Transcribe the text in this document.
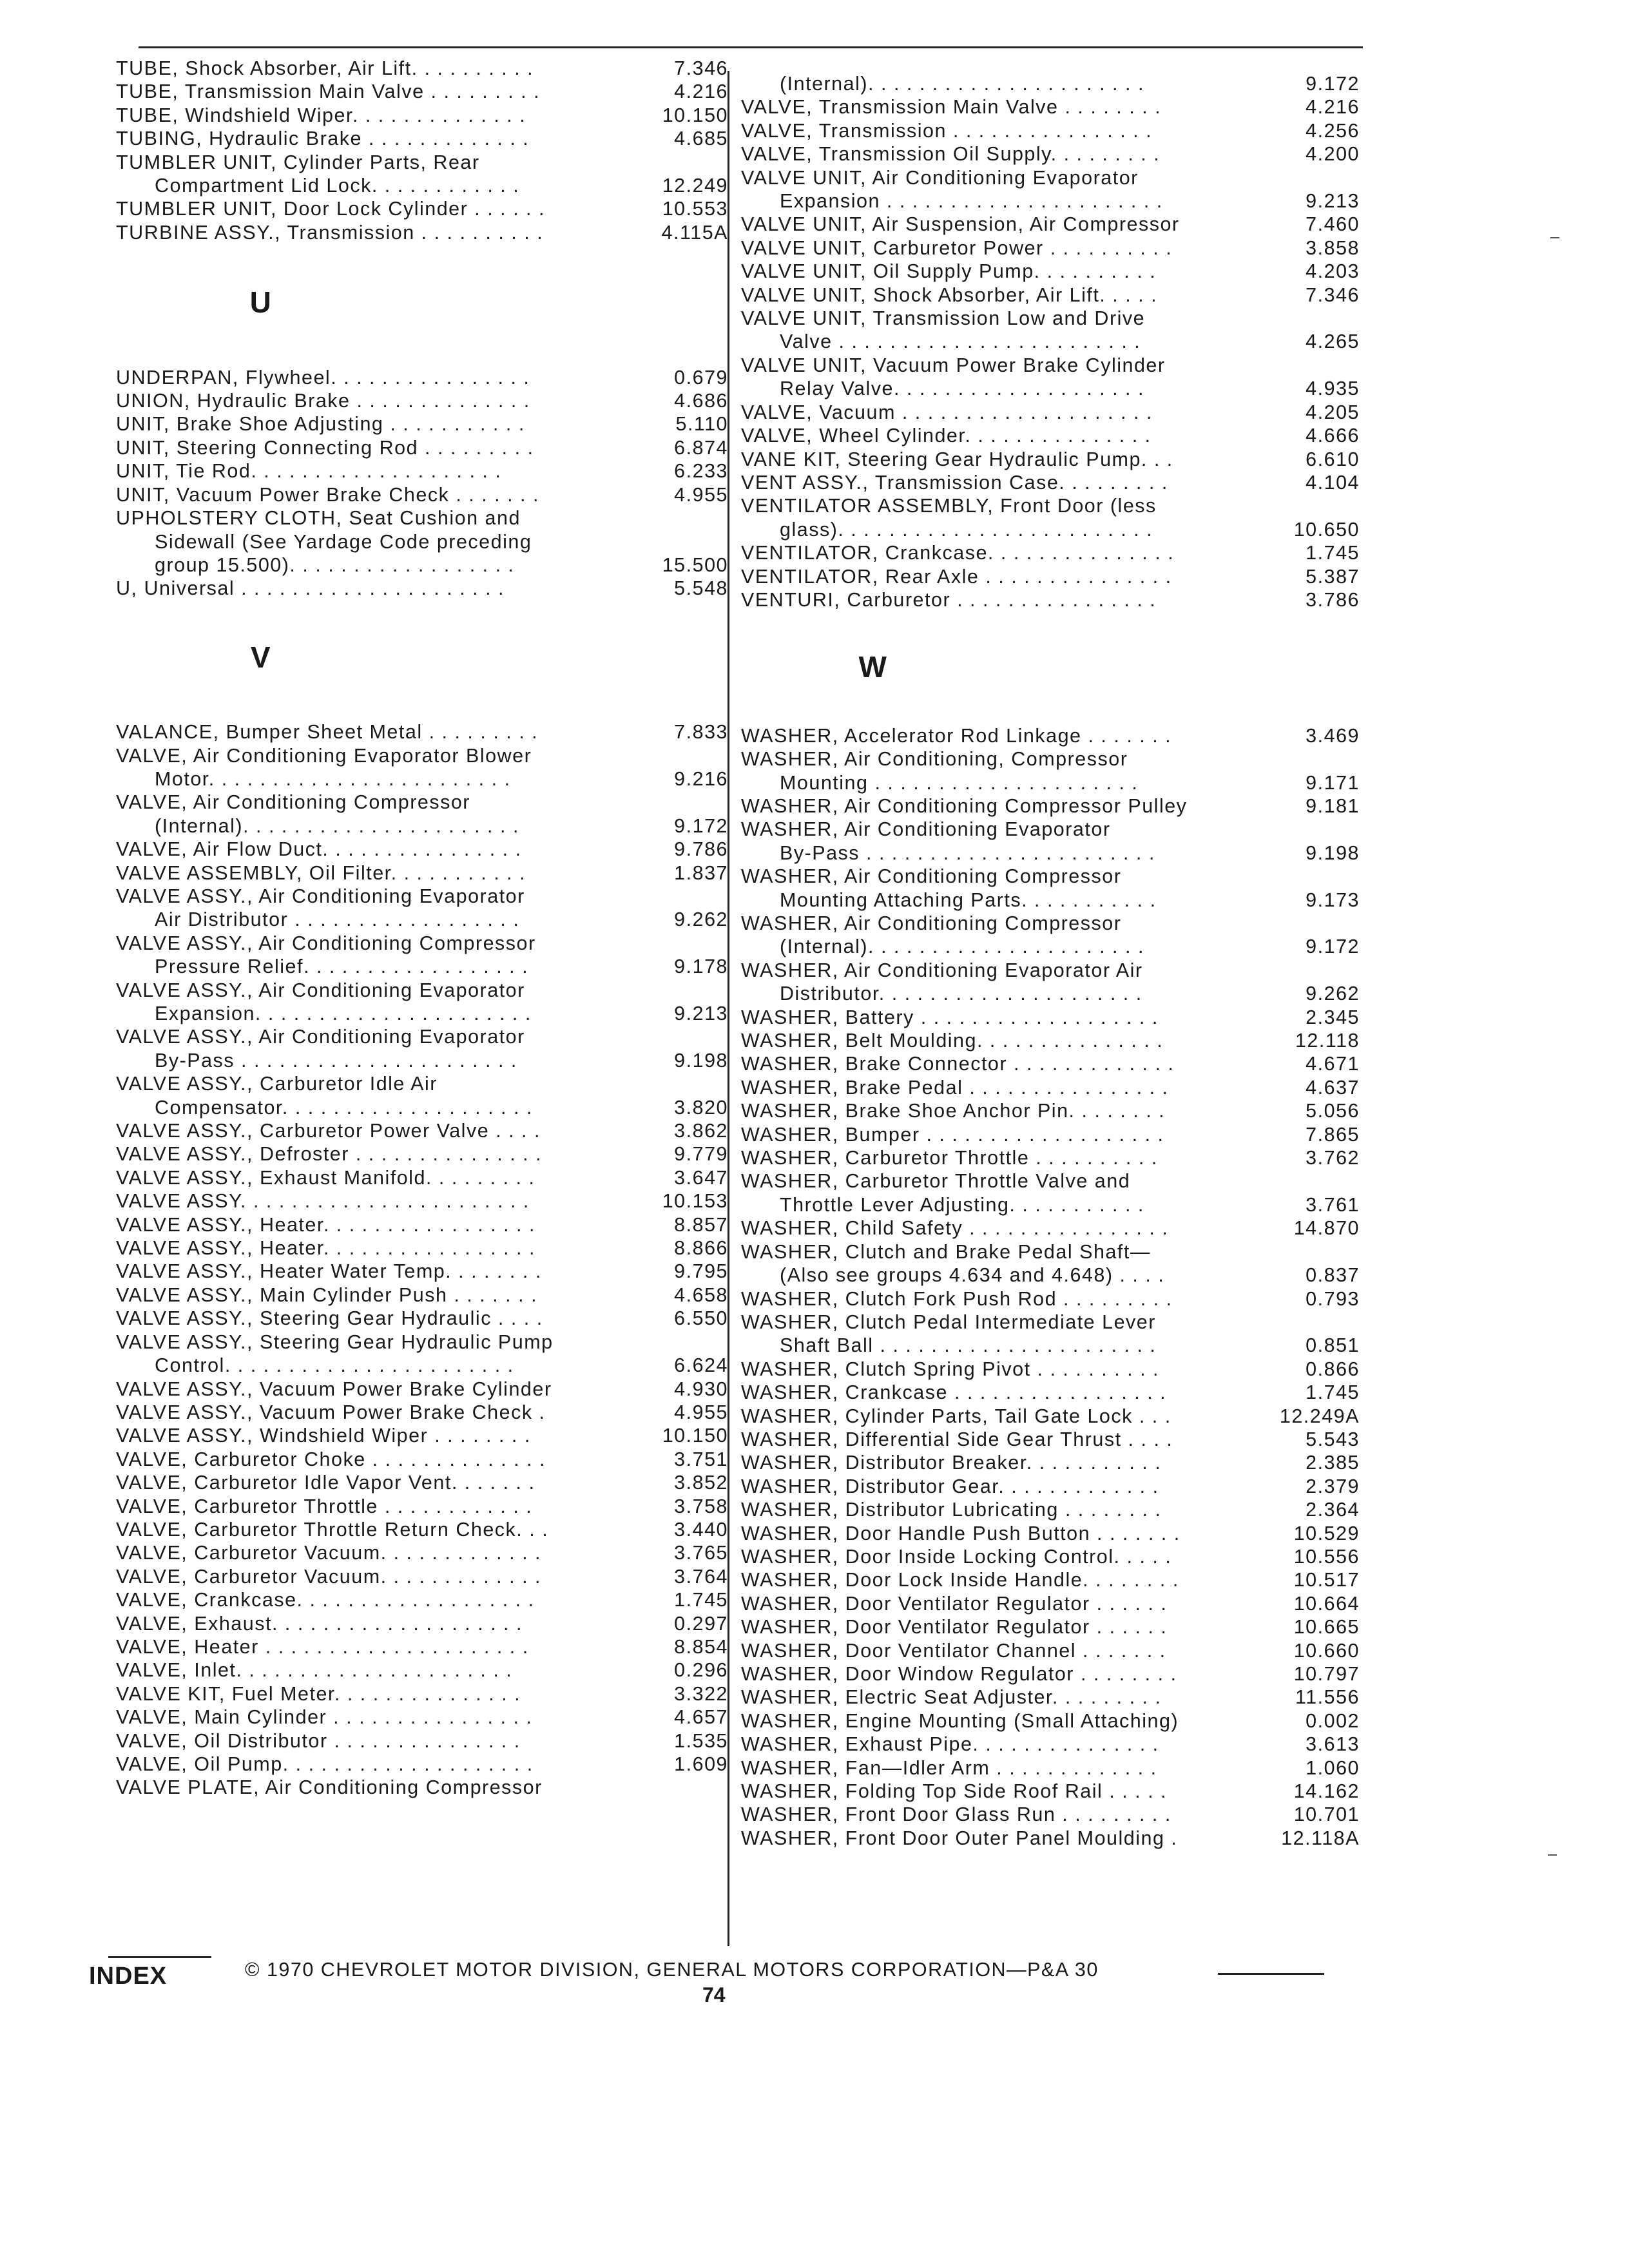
TUBE, Shock Absorber, Air Lift. . . . . . . . . .	7.346
TUBE, Transmission Main Valve . . . . . . . . .	4.216
TUBE, Windshield Wiper. . . . . . . . . . . . . .	10.150
TUBING, Hydraulic Brake . . . . . . . . . . . . .	4.685
TUMBLER UNIT, Cylinder Parts, Rear
Compartment Lid Lock. . . . . . . . . . . .	12.249
TUMBLER UNIT, Door Lock Cylinder . . . . . .	10.553
TURBINE ASSY., Transmission . . . . . . . . . .	4.115A
U
UNDERPAN, Flywheel. . . . . . . . . . . . . . . .	0.679
UNION, Hydraulic Brake . . . . . . . . . . . . . .	4.686
UNIT, Brake Shoe Adjusting . . . . . . . . . . .	5.110
UNIT, Steering Connecting Rod . . . . . . . . .	6.874
UNIT, Tie Rod. . . . . . . . . . . . . . . . . . . .	6.233
UNIT, Vacuum Power Brake Check . . . . . . .	4.955
UPHOLSTERY CLOTH, Seat Cushion and
Sidewall (See Yardage Code preceding
group 15.500). . . . . . . . . . . . . . . . . .	15.500
U, Universal . . . . . . . . . . . . . . . . . . . . .	5.548
V
VALANCE, Bumper Sheet Metal . . . . . . . . .	7.833
VALVE, Air Conditioning Evaporator Blower
Motor. . . . . . . . . . . . . . . . . . . . . . . .	9.216
VALVE, Air Conditioning Compressor
(Internal). . . . . . . . . . . . . . . . . . . . . .	9.172
VALVE, Air Flow Duct. . . . . . . . . . . . . . . .	9.786
VALVE ASSEMBLY, Oil Filter. . . . . . . . . . .	1.837
VALVE ASSY., Air Conditioning Evaporator
Air Distributor . . . . . . . . . . . . . . . . . .	9.262
VALVE ASSY., Air Conditioning Compressor
Pressure Relief. . . . . . . . . . . . . . . . . .	9.178
VALVE ASSY., Air Conditioning Evaporator
Expansion. . . . . . . . . . . . . . . . . . . . . .	9.213
VALVE ASSY., Air Conditioning Evaporator
By-Pass . . . . . . . . . . . . . . . . . . . . . .	9.198
VALVE ASSY., Carburetor Idle Air
Compensator. . . . . . . . . . . . . . . . . . . .	3.820
VALVE ASSY., Carburetor Power Valve . . . .	3.862
VALVE ASSY., Defroster . . . . . . . . . . . . . . .	9.779
VALVE ASSY., Exhaust Manifold. . . . . . . . .	3.647
VALVE ASSY. . . . . . . . . . . . . . . . . . . . . . .	10.153
VALVE ASSY., Heater. . . . . . . . . . . . . . . . .	8.857
VALVE ASSY., Heater. . . . . . . . . . . . . . . . .	8.866
VALVE ASSY., Heater Water Temp. . . . . . . .	9.795
VALVE ASSY., Main Cylinder Push . . . . . . .	4.658
VALVE ASSY., Steering Gear Hydraulic . . . .	6.550
VALVE ASSY., Steering Gear Hydraulic Pump
Control. . . . . . . . . . . . . . . . . . . . . . .	6.624
VALVE ASSY., Vacuum Power Brake Cylinder	4.930
VALVE ASSY., Vacuum Power Brake Check .	4.955
VALVE ASSY., Windshield Wiper . . . . . . . .	10.150
VALVE, Carburetor Choke . . . . . . . . . . . . . .	3.751
VALVE, Carburetor Idle Vapor Vent. . . . . . .	3.852
VALVE, Carburetor Throttle . . . . . . . . . . . .	3.758
VALVE, Carburetor Throttle Return Check. . .	3.440
VALVE, Carburetor Vacuum. . . . . . . . . . . . .	3.765
VALVE, Carburetor Vacuum. . . . . . . . . . . . .	3.764
VALVE, Crankcase. . . . . . . . . . . . . . . . . . .	1.745
VALVE, Exhaust. . . . . . . . . . . . . . . . . . . .	0.297
VALVE, Heater . . . . . . . . . . . . . . . . . . . . .	8.854
VALVE, Inlet. . . . . . . . . . . . . . . . . . . . . .	0.296
VALVE KIT, Fuel Meter. . . . . . . . . . . . . . .	3.322
VALVE, Main Cylinder . . . . . . . . . . . . . . . .	4.657
VALVE, Oil Distributor . . . . . . . . . . . . . . .	1.535
VALVE, Oil Pump. . . . . . . . . . . . . . . . . . . .	1.609
VALVE PLATE, Air Conditioning Compressor
(Internal). . . . . . . . . . . . . . . . . . . . . .	9.172
VALVE, Transmission Main Valve . . . . . . . .	4.216
VALVE, Transmission . . . . . . . . . . . . . . . .	4.256
VALVE, Transmission Oil Supply. . . . . . . . .	4.200
VALVE UNIT, Air Conditioning Evaporator
Expansion . . . . . . . . . . . . . . . . . . . . . .	9.213
VALVE UNIT, Air Suspension, Air Compressor	7.460
VALVE UNIT, Carburetor Power . . . . . . . . . .	3.858
VALVE UNIT, Oil Supply Pump. . . . . . . . . .	4.203
VALVE UNIT, Shock Absorber, Air Lift. . . . .	7.346
VALVE UNIT, Transmission Low and Drive
Valve . . . . . . . . . . . . . . . . . . . . . . . .	4.265
VALVE UNIT, Vacuum Power Brake Cylinder
Relay Valve. . . . . . . . . . . . . . . . . . . .	4.935
VALVE, Vacuum . . . . . . . . . . . . . . . . . . . .	4.205
VALVE, Wheel Cylinder. . . . . . . . . . . . . . .	4.666
VANE KIT, Steering Gear Hydraulic Pump. . .	6.610
VENT ASSY., Transmission Case. . . . . . . . .	4.104
VENTILATOR ASSEMBLY, Front Door (less
glass). . . . . . . . . . . . . . . . . . . . . . . . .	10.650
VENTILATOR, Crankcase. . . . . . . . . . . . . . .	1.745
VENTILATOR, Rear Axle . . . . . . . . . . . . . . .	5.387
VENTURI, Carburetor . . . . . . . . . . . . . . . .	3.786
W
WASHER, Accelerator Rod Linkage . . . . . . .	3.469
WASHER, Air Conditioning, Compressor
Mounting . . . . . . . . . . . . . . . . . . . . .	9.171
WASHER, Air Conditioning Compressor Pulley	9.181
WASHER, Air Conditioning Evaporator
By-Pass . . . . . . . . . . . . . . . . . . . . . . .	9.198
WASHER, Air Conditioning Compressor
Mounting Attaching Parts. . . . . . . . . . .	9.173
WASHER, Air Conditioning Compressor
(Internal). . . . . . . . . . . . . . . . . . . . . .	9.172
WASHER, Air Conditioning Evaporator Air
Distributor. . . . . . . . . . . . . . . . . . . . .	9.262
WASHER, Battery . . . . . . . . . . . . . . . . . . .	2.345
WASHER, Belt Moulding. . . . . . . . . . . . . . .	12.118
WASHER, Brake Connector . . . . . . . . . . . . .	4.671
WASHER, Brake Pedal . . . . . . . . . . . . . . . .	4.637
WASHER, Brake Shoe Anchor Pin. . . . . . . .	5.056
WASHER, Bumper . . . . . . . . . . . . . . . . . . .	7.865
WASHER, Carburetor Throttle . . . . . . . . . .	3.762
WASHER, Carburetor Throttle Valve and
Throttle Lever Adjusting. . . . . . . . . . .	3.761
WASHER, Child Safety . . . . . . . . . . . . . . . .	14.870
WASHER, Clutch and Brake Pedal Shaft—
(Also see groups 4.634 and 4.648) . . . .	0.837
WASHER, Clutch Fork Push Rod . . . . . . . . .	0.793
WASHER, Clutch Pedal Intermediate Lever
Shaft Ball . . . . . . . . . . . . . . . . . . . . . .	0.851
WASHER, Clutch Spring Pivot . . . . . . . . . .	0.866
WASHER, Crankcase . . . . . . . . . . . . . . . . .	1.745
WASHER, Cylinder Parts, Tail Gate Lock . . .	12.249A
WASHER, Differential Side Gear Thrust . . . .	5.543
WASHER, Distributor Breaker. . . . . . . . . . .	2.385
WASHER, Distributor Gear. . . . . . . . . . . . .	2.379
WASHER, Distributor Lubricating . . . . . . . .	2.364
WASHER, Door Handle Push Button . . . . . . .	10.529
WASHER, Door Inside Locking Control. . . . .	10.556
WASHER, Door Lock Inside Handle. . . . . . . .	10.517
WASHER, Door Ventilator Regulator . . . . . .	10.664
WASHER, Door Ventilator Regulator . . . . . .	10.665
WASHER, Door Ventilator Channel . . . . . . .	10.660
WASHER, Door Window Regulator . . . . . . . .	10.797
WASHER, Electric Seat Adjuster. . . . . . . . .	11.556
WASHER, Engine Mounting (Small Attaching)	0.002
WASHER, Exhaust Pipe. . . . . . . . . . . . . . .	3.613
WASHER, Fan—Idler Arm . . . . . . . . . . . . .	1.060
WASHER, Folding Top Side Roof Rail . . . . .	14.162
WASHER, Front Door Glass Run . . . . . . . . .	10.701
WASHER, Front Door Outer Panel Moulding .	12.118A
INDEX	© 1970 CHEVROLET MOTOR DIVISION, GENERAL MOTORS CORPORATION—P&A 30
74
